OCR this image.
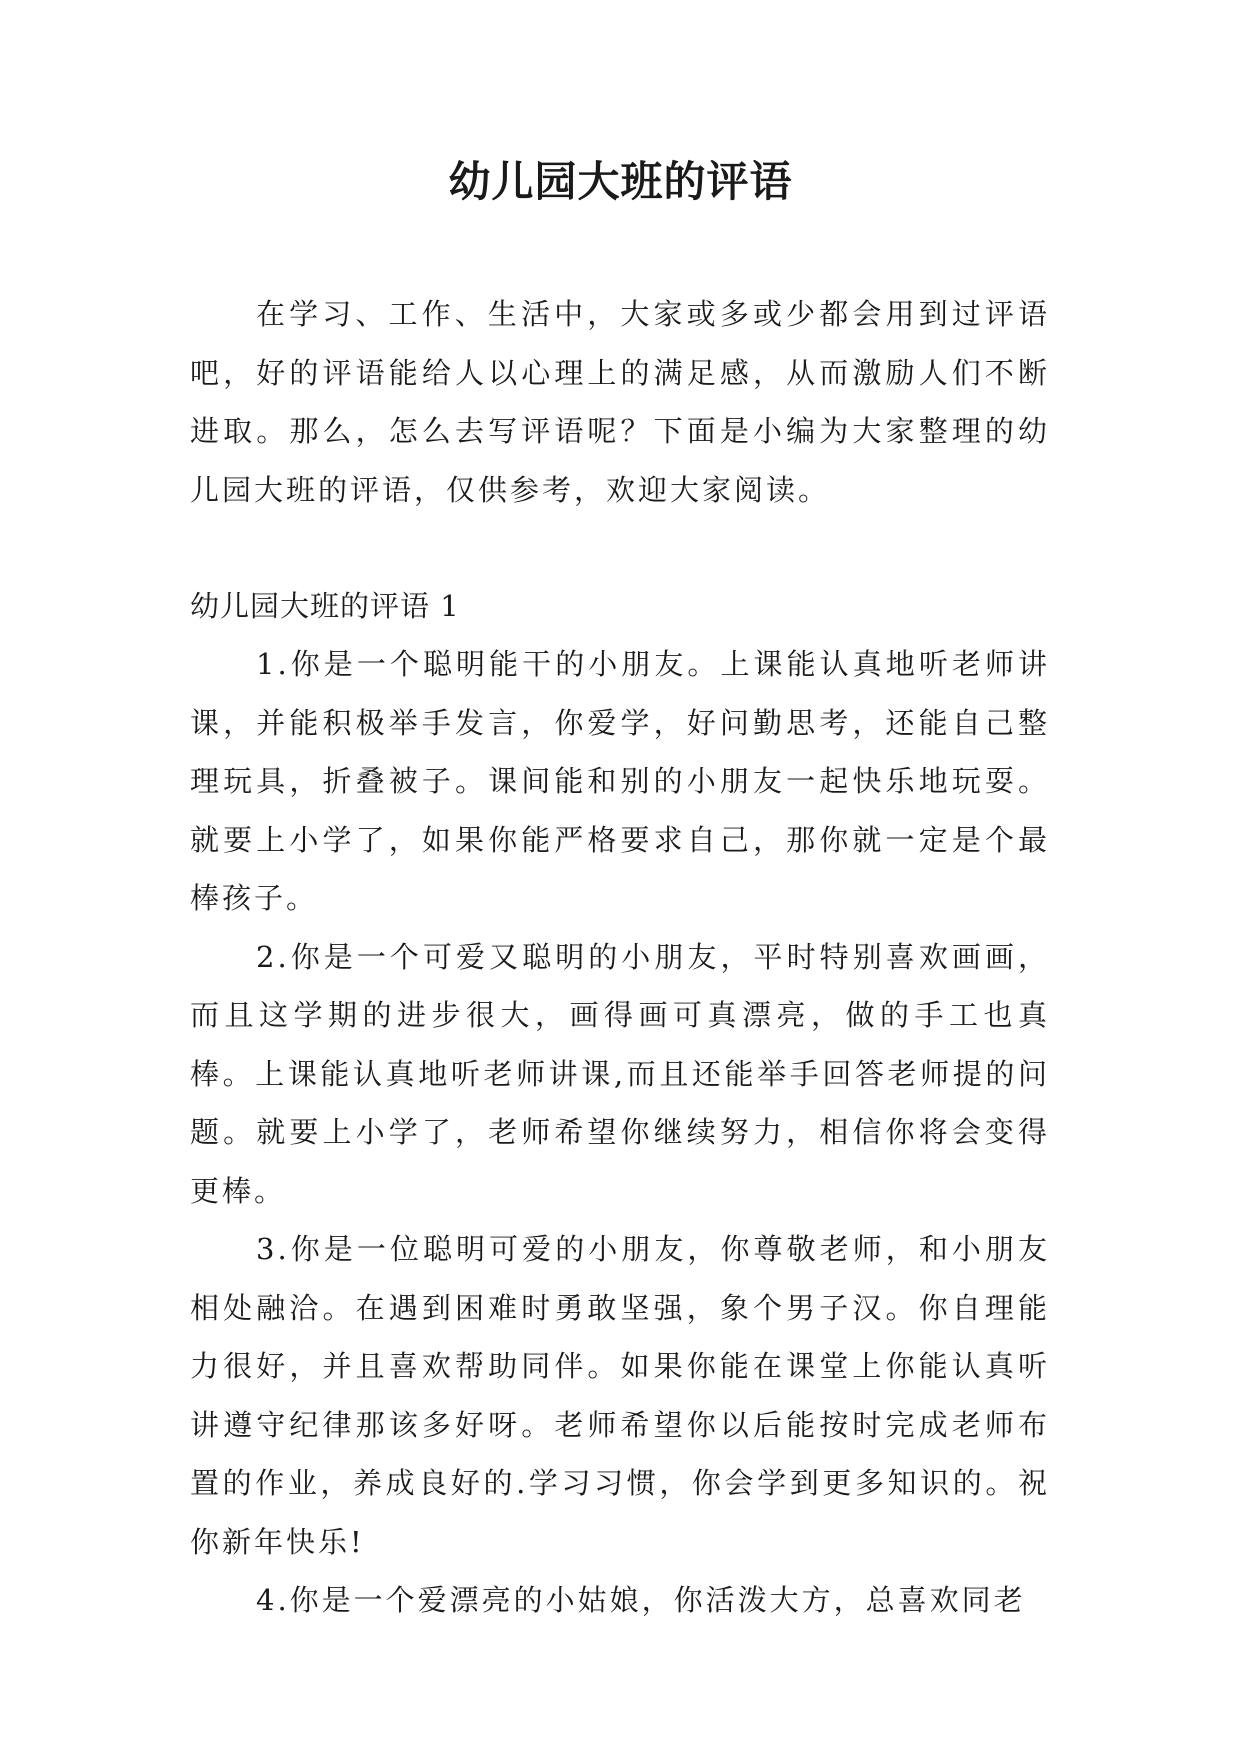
幼儿园大班的评语

在学习、工作、生活中，大家或多或少都会用到过评语吧，好的评语能给人以心理上的满足感，从而激励人们不断进取。那么，怎么去写评语呢？下面是小编为大家整理的幼儿园大班的评语，仅供参考，欢迎大家阅读。

幼儿园大班的评语 1

1.你是一个聪明能干的小朋友。上课能认真地听老师讲课，并能积极举手发言，你爱学，好问勤思考，还能自己整理玩具，折叠被子。课间能和别的小朋友一起快乐地玩耍。就要上小学了，如果你能严格要求自己，那你就一定是个最棒孩子。

2.你是一个可爱又聪明的小朋友，平时特别喜欢画画，而且这学期的进步很大，画得画可真漂亮，做的手工也真棒。上课能认真地听老师讲课,而且还能举手回答老师提的问题。就要上小学了，老师希望你继续努力，相信你将会变得更棒。

3.你是一位聪明可爱的小朋友，你尊敬老师，和小朋友相处融洽。在遇到困难时勇敢坚强，象个男子汉。你自理能力很好，并且喜欢帮助同伴。如果你能在课堂上你能认真听讲遵守纪律那该多好呀。老师希望你以后能按时完成老师布置的作业，养成良好的.学习习惯，你会学到更多知识的。祝你新年快乐!

4.你是一个爱漂亮的小姑娘，你活泼大方，总喜欢同老
